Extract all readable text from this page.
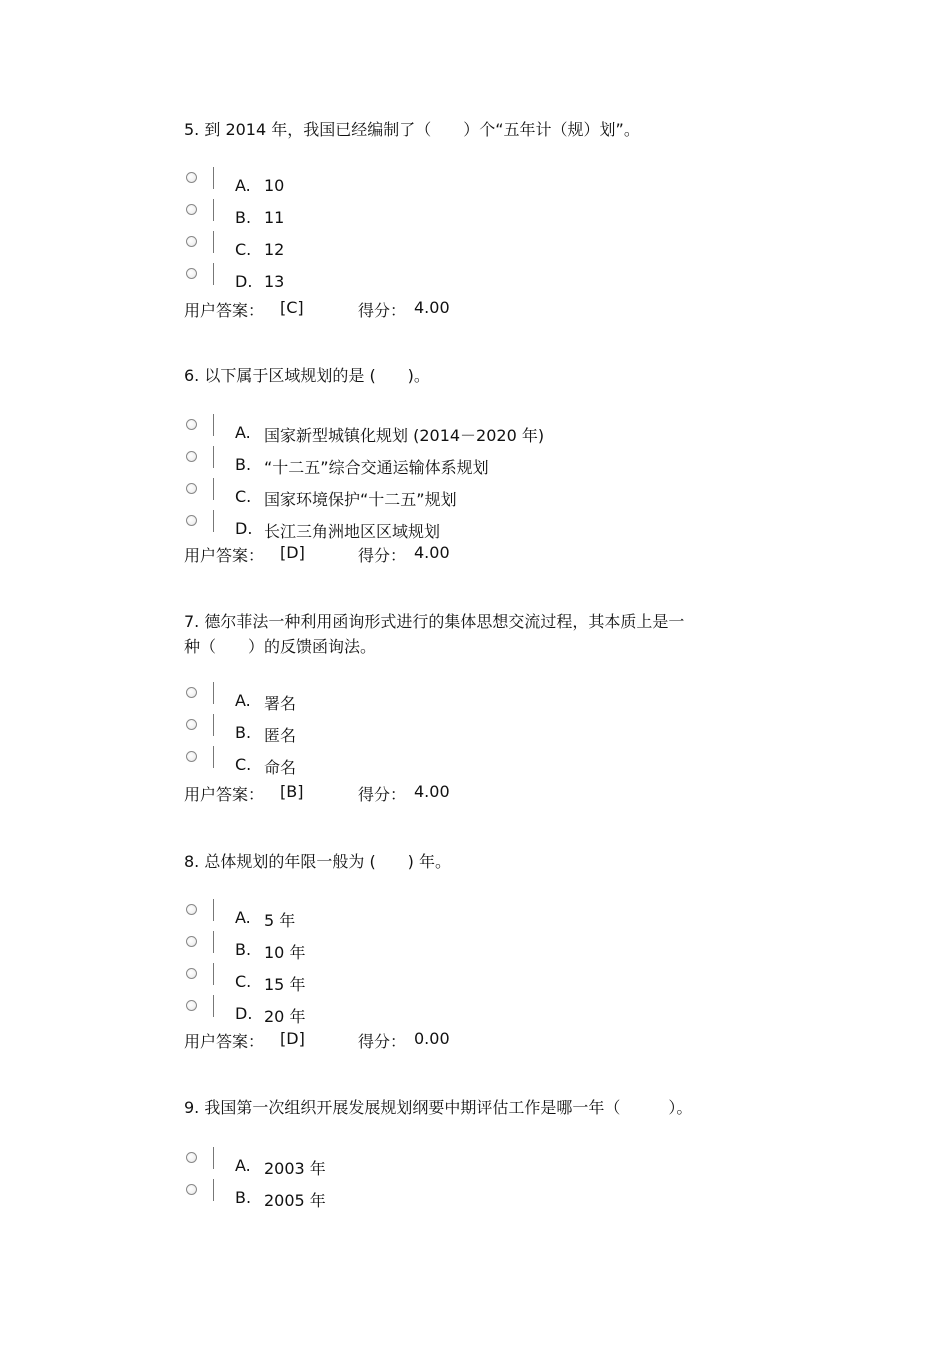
5. 到 2014 年，我国已经编制了（　　）个“五年计（规）划”。
A. 10
B. 11
C. 12
D. 13
用户答案： [C]	得分： 4.00
6. 以下属于区域规划的是 (　　)。
A. 国家新型城镇化规划 (2014－2020 年)
B. “十二五”综合交通运输体系规划
C. 国家环境保护“十二五”规划
D. 长江三角洲地区区域规划
用户答案： [D]	得分： 4.00
7. 德尔菲法一种利用函询形式进行的集体思想交流过程，其本质上是一
种（　　）的反馈函询法。
A. 署名
B. 匿名
C. 命名
用户答案： [B]	得分： 4.00
8. 总体规划的年限一般为 (　　) 年。
A. 5 年
B. 10 年
C. 15 年
D. 20 年
用户答案： [D]	得分： 0.00
9. 我国第一次组织开展发展规划纲要中期评估工作是哪一年（　　　）。
A. 2003 年
B. 2005 年
